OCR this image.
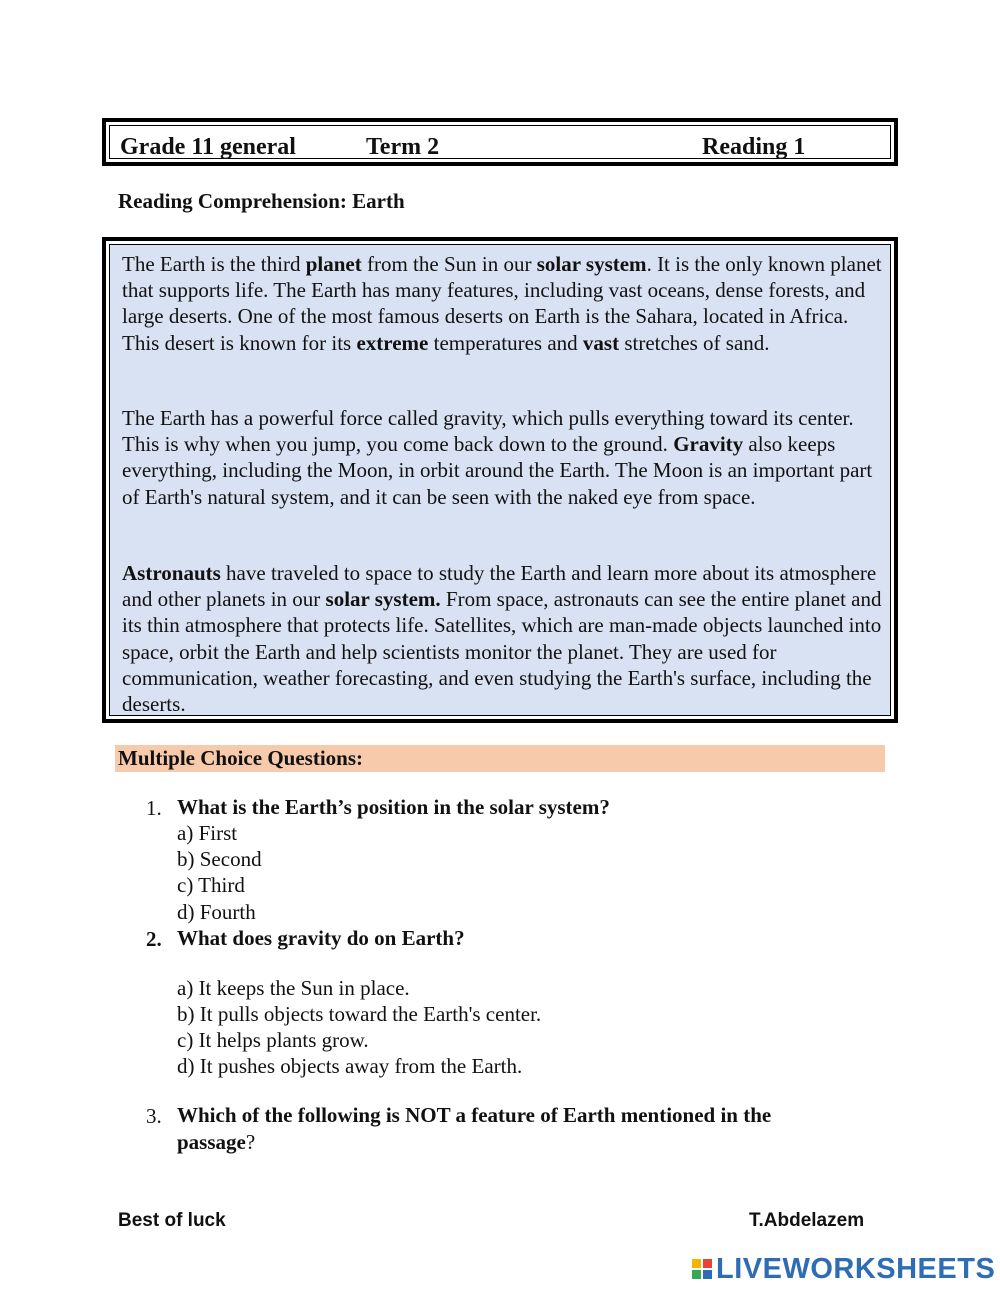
Grade 11 general	Term 2	Reading 1
Reading Comprehension: Earth

The Earth is the third planet from the Sun in our solar system. It is the only known planet that supports life. The Earth has many features, including vast oceans, dense forests, and large deserts. One of the most famous deserts on Earth is the Sahara, located in Africa. This desert is known for its extreme temperatures and vast stretches of sand.

The Earth has a powerful force called gravity, which pulls everything toward its center. This is why when you jump, you come back down to the ground. Gravity also keeps everything, including the Moon, in orbit around the Earth. The Moon is an important part of Earth's natural system, and it can be seen with the naked eye from space.

Astronauts have traveled to space to study the Earth and learn more about its atmosphere and other planets in our solar system. From space, astronauts can see the entire planet and its thin atmosphere that protects life. Satellites, which are man-made objects launched into space, orbit the Earth and help scientists monitor the planet. They are used for communication, weather forecasting, and even studying the Earth's surface, including the deserts.

Multiple Choice Questions:
1. What is the Earth’s position in the solar system?
a) First
b) Second
c) Third
d) Fourth
2. What does gravity do on Earth?
a) It keeps the Sun in place.
b) It pulls objects toward the Earth's center.
c) It helps plants grow.
d) It pushes objects away from the Earth.
3. Which of the following is NOT a feature of Earth mentioned in the
passage?
Best of luck	T.Abdelazem
LIVEWORKSHEETS
